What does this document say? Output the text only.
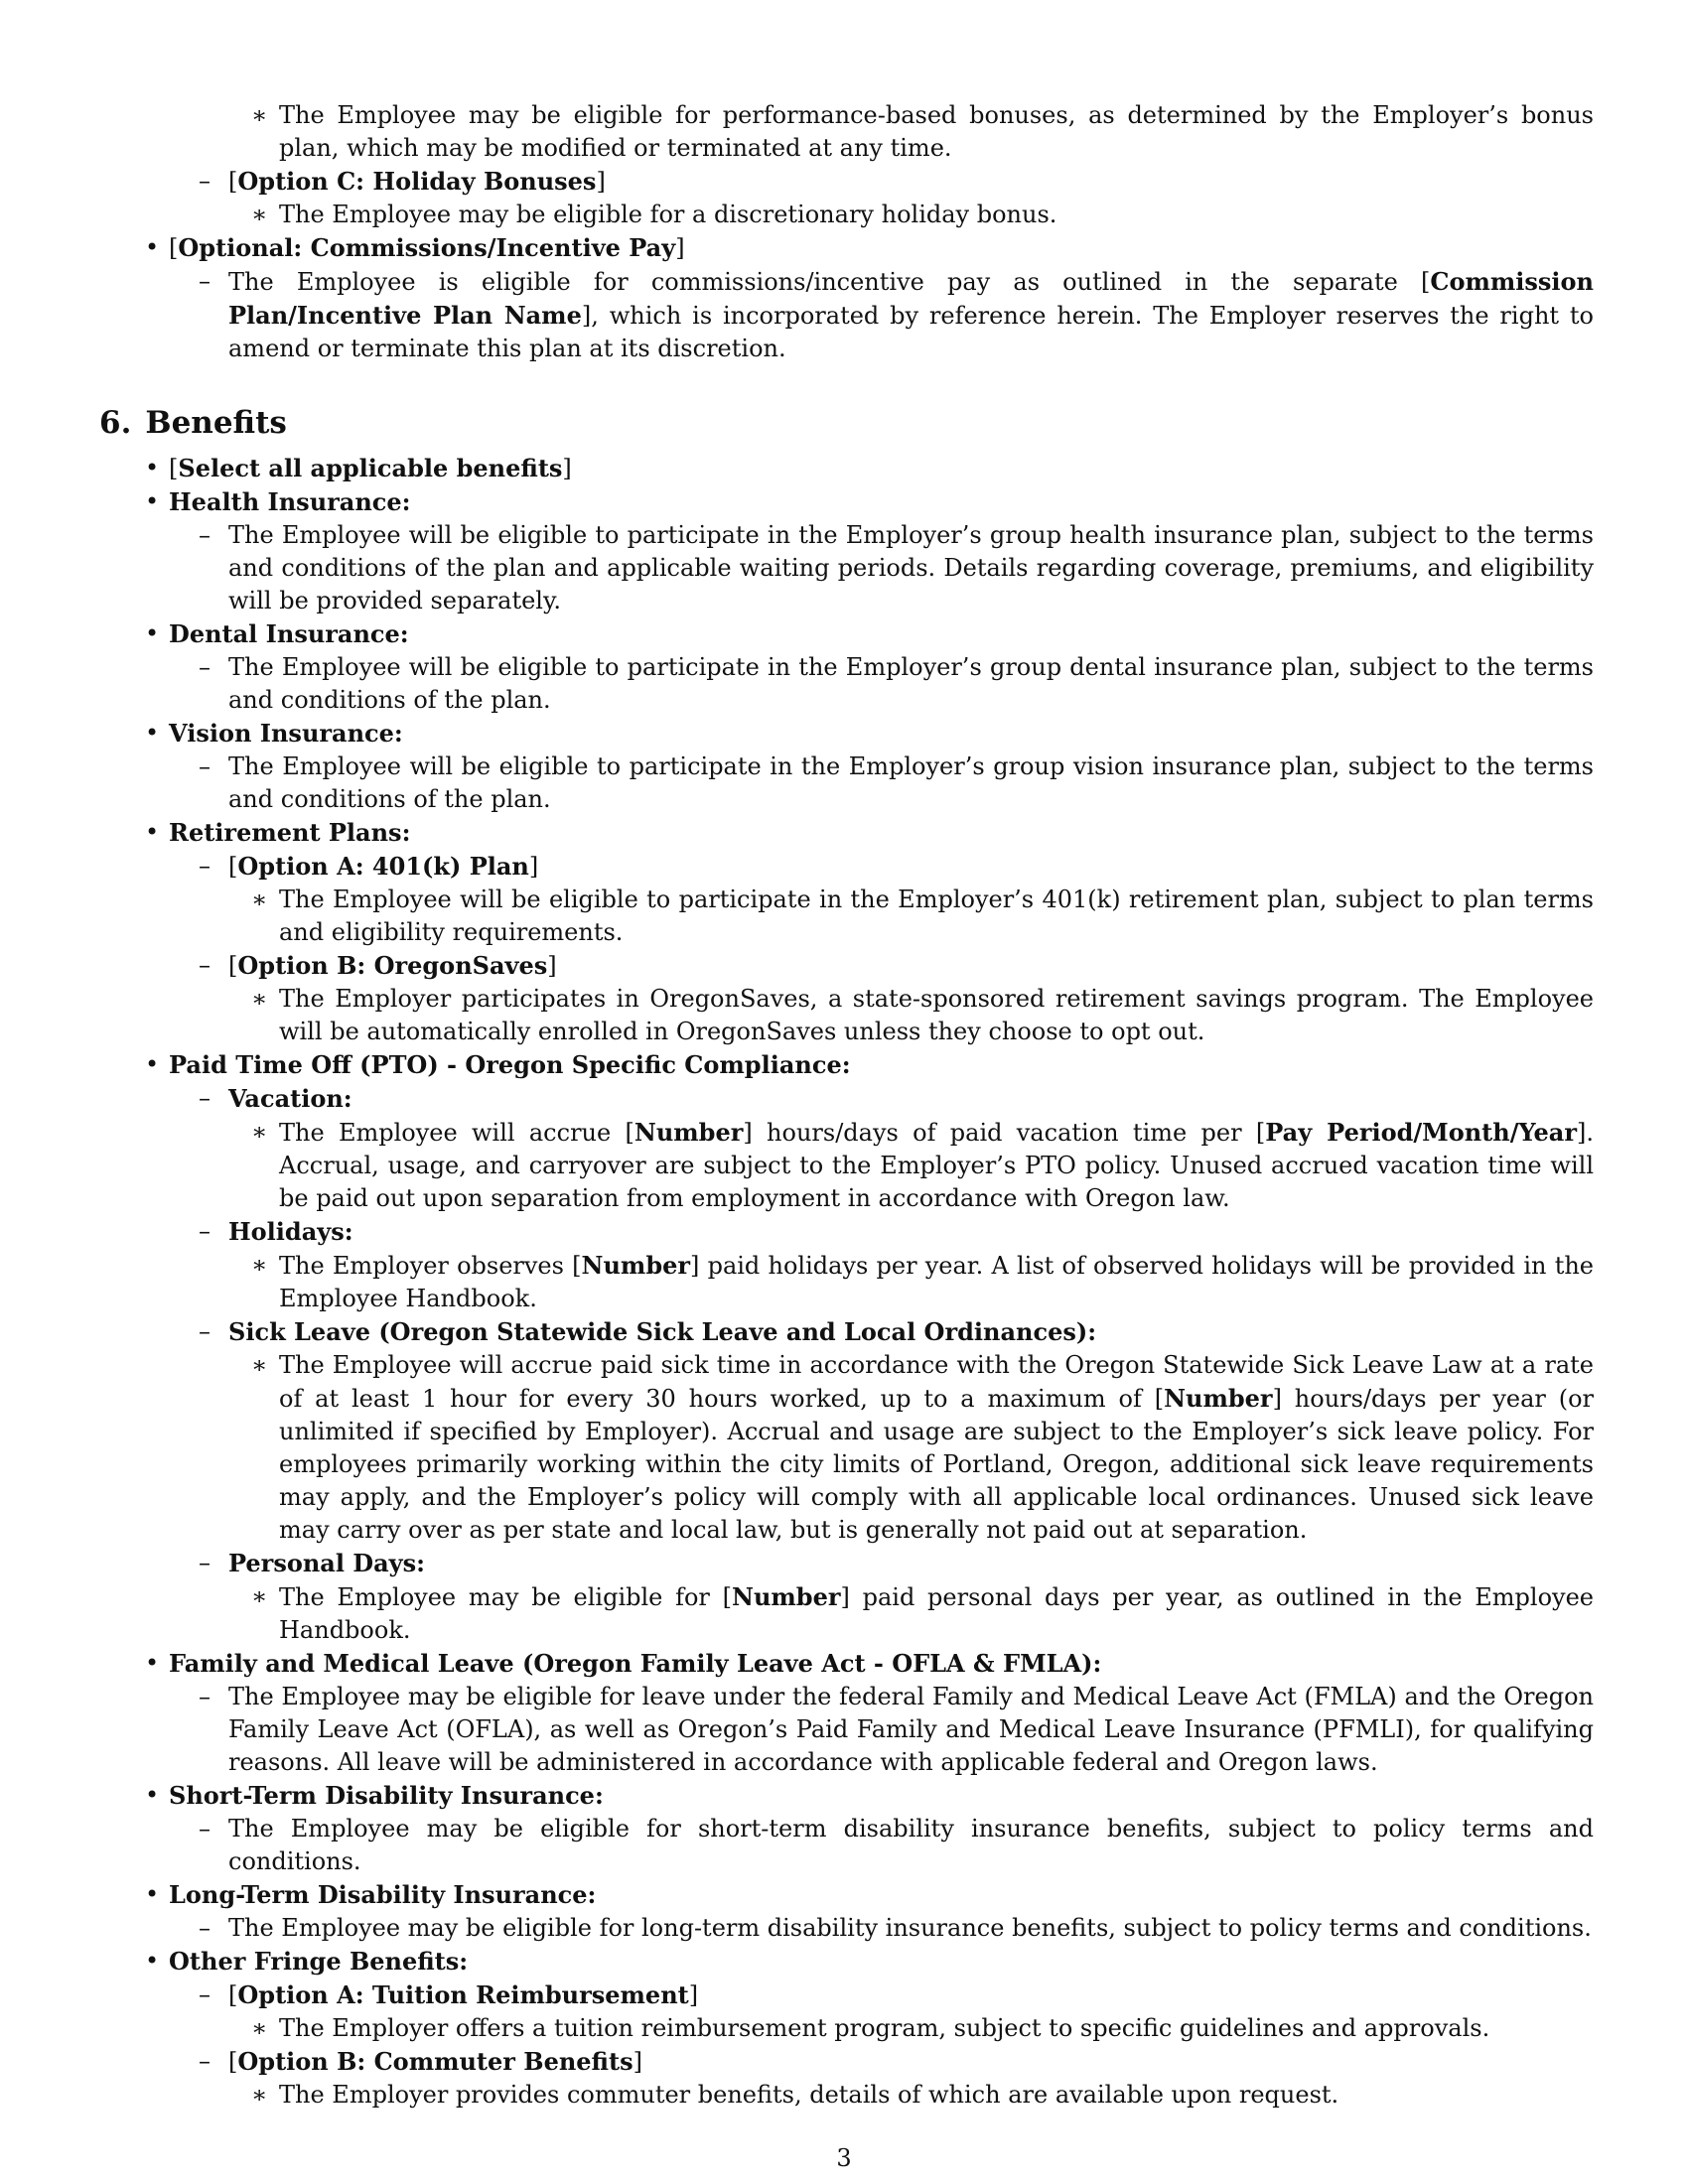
∗ The Employee may be eligible for performance-based bonuses, as determined by the Employer’s bonus plan, which may be modified or terminated at any time.
– [Option C: Holiday Bonuses]
∗ The Employee may be eligible for a discretionary holiday bonus.
• [Optional: Commissions/Incentive Pay]
– The Employee is eligible for commissions/incentive pay as outlined in the separate [Commission Plan/Incentive Plan Name], which is incorporated by reference herein. The Employer reserves the right to amend or terminate this plan at its discretion.
6. Benefits
• [Select all applicable benefits]
• Health Insurance:
– The Employee will be eligible to participate in the Employer’s group health insurance plan, subject to the terms and conditions of the plan and applicable waiting periods. Details regarding coverage, premiums, and eligibility will be provided separately.
• Dental Insurance:
– The Employee will be eligible to participate in the Employer’s group dental insurance plan, subject to the terms and conditions of the plan.
• Vision Insurance:
– The Employee will be eligible to participate in the Employer’s group vision insurance plan, subject to the terms and conditions of the plan.
• Retirement Plans:
– [Option A: 401(k) Plan]
∗ The Employee will be eligible to participate in the Employer’s 401(k) retirement plan, subject to plan terms and eligibility requirements.
– [Option B: OregonSaves]
∗ The Employer participates in OregonSaves, a state-sponsored retirement savings program. The Employee will be automatically enrolled in OregonSaves unless they choose to opt out.
• Paid Time Off (PTO) - Oregon Specific Compliance:
– Vacation:
∗ The Employee will accrue [Number] hours/days of paid vacation time per [Pay Period/Month/Year]. Accrual, usage, and carryover are subject to the Employer’s PTO policy. Unused accrued vacation time will be paid out upon separation from employment in accordance with Oregon law.
– Holidays:
∗ The Employer observes [Number] paid holidays per year. A list of observed holidays will be provided in the Employee Handbook.
– Sick Leave (Oregon Statewide Sick Leave and Local Ordinances):
∗ The Employee will accrue paid sick time in accordance with the Oregon Statewide Sick Leave Law at a rate of at least 1 hour for every 30 hours worked, up to a maximum of [Number] hours/days per year (or unlimited if specified by Employer). Accrual and usage are subject to the Employer’s sick leave policy. For employees primarily working within the city limits of Portland, Oregon, additional sick leave requirements may apply, and the Employer’s policy will comply with all applicable local ordinances. Unused sick leave may carry over as per state and local law, but is generally not paid out at separation.
– Personal Days:
∗ The Employee may be eligible for [Number] paid personal days per year, as outlined in the Employee Handbook.
• Family and Medical Leave (Oregon Family Leave Act - OFLA & FMLA):
– The Employee may be eligible for leave under the federal Family and Medical Leave Act (FMLA) and the Oregon Family Leave Act (OFLA), as well as Oregon’s Paid Family and Medical Leave Insurance (PFMLI), for qualifying reasons. All leave will be administered in accordance with applicable federal and Oregon laws.
• Short-Term Disability Insurance:
– The Employee may be eligible for short-term disability insurance benefits, subject to policy terms and conditions.
• Long-Term Disability Insurance:
– The Employee may be eligible for long-term disability insurance benefits, subject to policy terms and conditions.
• Other Fringe Benefits:
– [Option A: Tuition Reimbursement]
∗ The Employer offers a tuition reimbursement program, subject to specific guidelines and approvals.
– [Option B: Commuter Benefits]
∗ The Employer provides commuter benefits, details of which are available upon request.
3
